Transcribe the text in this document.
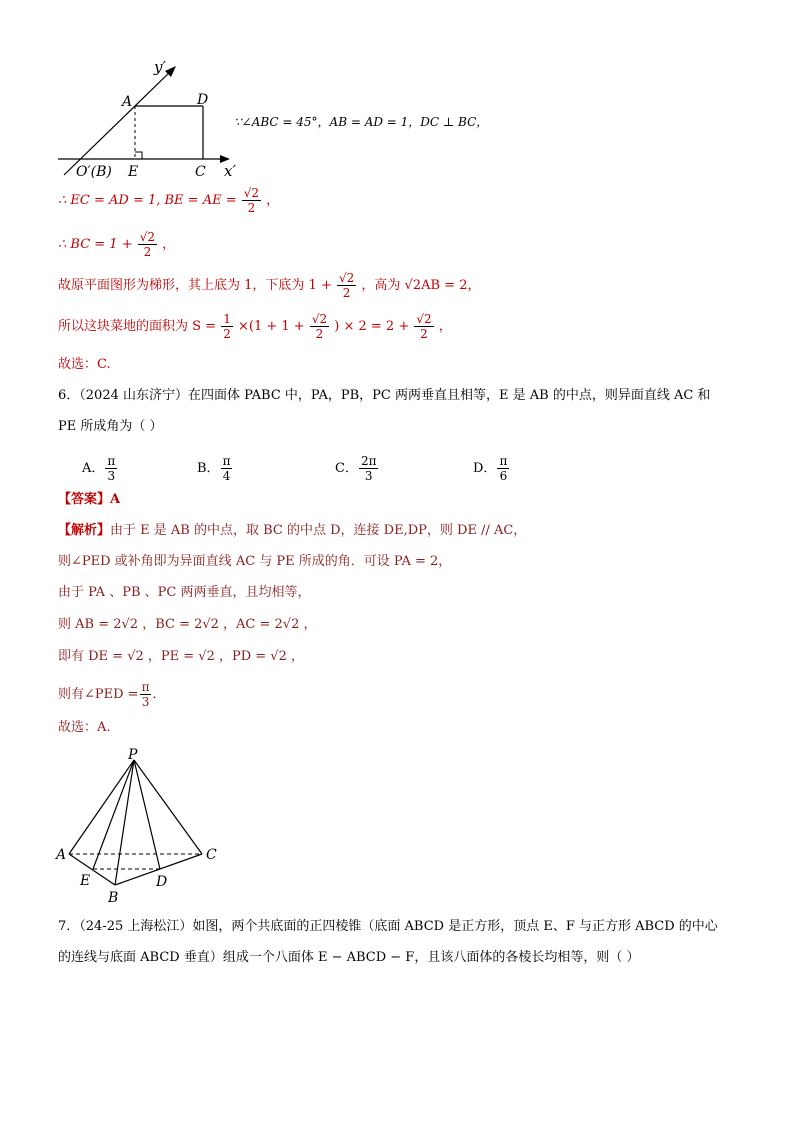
y′
x′
A	D
O′(B) E	C
∵∠ABC = 45°，AB = AD = 1，DC ⊥ BC，
∴ EC = AD = 1, BE = AE = $\frac{√2}{2}$ ，
∴ BC = $1 + \frac{√2}{2}$ ，
故原平面图形为梯形，其上底为 1，下底为 $1 + \frac{√2}{2}$ ，高为 √2AB = 2，
所以这块菜地的面积为 $S = \frac{1}{2} \times(1 + 1 + \frac{√2}{2}$ ) × $2 = 2 + \frac{√2}{2}$ ，
故选：C.
6．（2024 山东济宁）在四面体 PABC 中，PA，PB，PC 两两垂直且相等，E 是 AB 的中点，则异面直线 AC 和
PE 所成角为（ ）
A． $\frac{\pi}{3}$	B． $\frac{\pi}{4}$	C． $\frac{2\pi}{3}$	D． $\frac{\pi}{6}$
【答案】A
【解析】由于 E 是 AB 的中点，取 BC 的中点 D，连接 DE,DP，则 DE // AC，
则∠PED 或补角即为异面直线 AC 与 PE 所成的角．可设 PA = 2，
由于 PA 、PB 、PC 两两垂直，且均相等，
则 AB = 2√2 ，BC = 2√2 ，AC = 2√2 ，
即有 DE = √2 ，PE = √2 ，PD = √2 ，
则有∠PED = $\frac{\pi}{3}$ ．
故选：A.
P
A	C
E	D
B
7．（24-25 上海松江）如图，两个共底面的正四棱锥（底面 ABCD 是正方形，顶点 E、F 与正方形 ABCD 的中心
的连线与底面 ABCD 垂直）组成一个八面体 E − ABCD − F，且该八面体的各棱长均相等，则（ ）
